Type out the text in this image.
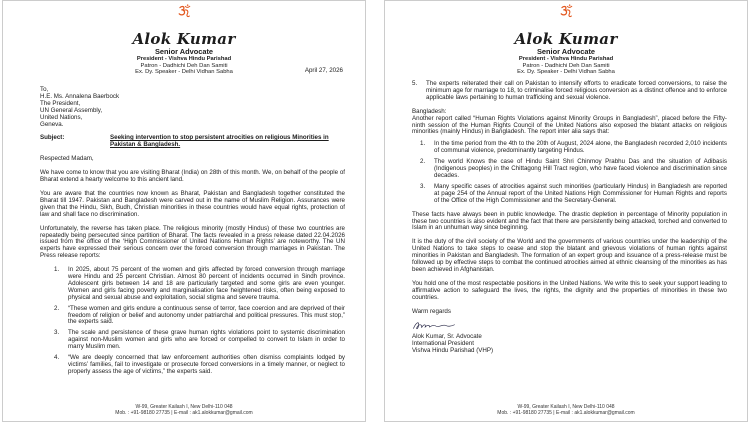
Alok Kumar
Senior Advocate
President - Vishva Hindu Parishad
Patron - Dadhichi Deh Dan Samiti
Ex. Dy. Speaker - Delhi Vidhan Sabha	April 27, 2026
To,
H.E. Ms. Annalena Baerbock
The President,
UN General Assembly,
United Nations,
Geneva.
Subject:	Seeking intervention to stop persistent atrocities on religious Minorities in Pakistan & Bangladesh.
Respected Madam,
We have come to know that you are visiting Bharat (India) on 28th of this month. We, on behalf of the people of Bharat extend a hearty welcome to this ancient land.
You are aware that the countries now known as Bharat, Pakistan and Bangladesh together constituted the Bharat till 1947. Pakistan and Bangladesh were carved out in the name of Muslim Religion. Assurances were given that the Hindu, Sikh, Budh, Christian minorities in these countries would have equal rights, protection of law and shall face no discrimination.
Unfortunately, the reverse has taken place. The religious minority (mostly Hindus) of these two countries are repeatedly being persecuted since partition of Bharat. The facts revealed in a press release dated 22.04.2026 issued from the office of the ‘High Commissioner of United Nations Human Rights’ are noteworthy. The UN experts have expressed their serious concern over the forced conversion through marriages in Pakistan. The Press release reports:
1.	In 2025, about 75 percent of the women and girls affected by forced conversion through marriage were Hindu and 25 percent Christian. Almost 80 percent of incidents occurred in Sindh province. Adolescent girls between 14 and 18 are particularly targeted and some girls are even younger. Women and girls facing poverty and marginalisation face heightened risks, often being exposed to physical and sexual abuse and exploitation, social stigma and severe trauma.
2.	“These women and girls endure a continuous sense of terror, face coercion and are deprived of their freedom of religion or belief and autonomy under patriarchal and political pressures. This must stop,” the experts said.
3.	The scale and persistence of these grave human rights violations point to systemic discrimination against non-Muslim women and girls who are forced or compelled to convert to Islam in order to marry Muslim men.
4.	“We are deeply concerned that law enforcement authorities often dismiss complaints lodged by victims’ families, fail to investigate or prosecute forced conversions in a timely manner, or neglect to properly assess the age of victims,” the experts said.
W-99, Greater Kailash I, New Delhi-110 048
Mob. : +91-98180 27735 | E-mail : ak1.alokkumar@gmail.com
Alok Kumar
Senior Advocate
President - Vishva Hindu Parishad
Patron - Dadhichi Deh Dan Samiti
Ex. Dy. Speaker - Delhi Vidhan Sabha
5.	The experts reiterated their call on Pakistan to intensify efforts to eradicate forced conversions, to raise the minimum age for marriage to 18, to criminalise forced religious conversion as a distinct offence and to enforce applicable laws pertaining to human trafficking and sexual violence.
Bangladesh:
Another report called “Human Rights Violations against Minority Groups in Bangladesh”, placed before the Fifty-ninth session of the Human Rights Council of the United Nations also exposed the blatant attacks on religious minorities (mainly Hindus) in Bangladesh. The report inter alia says that:
1.	In the time period from the 4th to the 20th of August, 2024 alone, the Bangladesh recorded 2,010 incidents of communal violence, predominantly targeting Hindus.
2.	The world Knows the case of Hindu Saint Shri Chinmoy Prabhu Das and the situation of Adibasis (Indigenous peoples) in the Chittagong Hill Tract region, who have faced violence and discrimination since decades.
3.	Many specific cases of atrocities against such minorities (particularly Hindus) in Bangladesh are reported at page 254 of the Annual report of the United Nations High Commissioner for Human Rights and reports of the Office of the High Commissioner and the Secretary-General.
These facts have always been in public knowledge. The drastic depletion in percentage of Minority population in these two countries is also evident and the fact that there are persistently being attacked, torched and converted to Islam in an unhuman way since beginning.
It is the duty of the civil society of the World and the governments of various countries under the leadership of the United Nations to take steps to cease and stop the blatant and grievous violations of human rights against minorities in Pakistan and Bangladesh. The formation of an expert group and issuance of a press-release must be followed up by effective steps to combat the continued atrocities aimed at ethnic cleansing of the minorities as has been achieved in Afghanistan.
You hold one of the most respectable positions in the United Nations. We write this to seek your support leading to affirmative action to safeguard the lives, the rights, the dignity and the properties of minorities in these two countries.
Warm regards
Alok Kumar, Sr. Advocate
International President
Vishva Hindu Parishad (VHP)
W-99, Greater Kailash I, New Delhi-110 048
Mob. : +91-98180 27735 | E-mail : ak1.alokkumar@gmail.com
